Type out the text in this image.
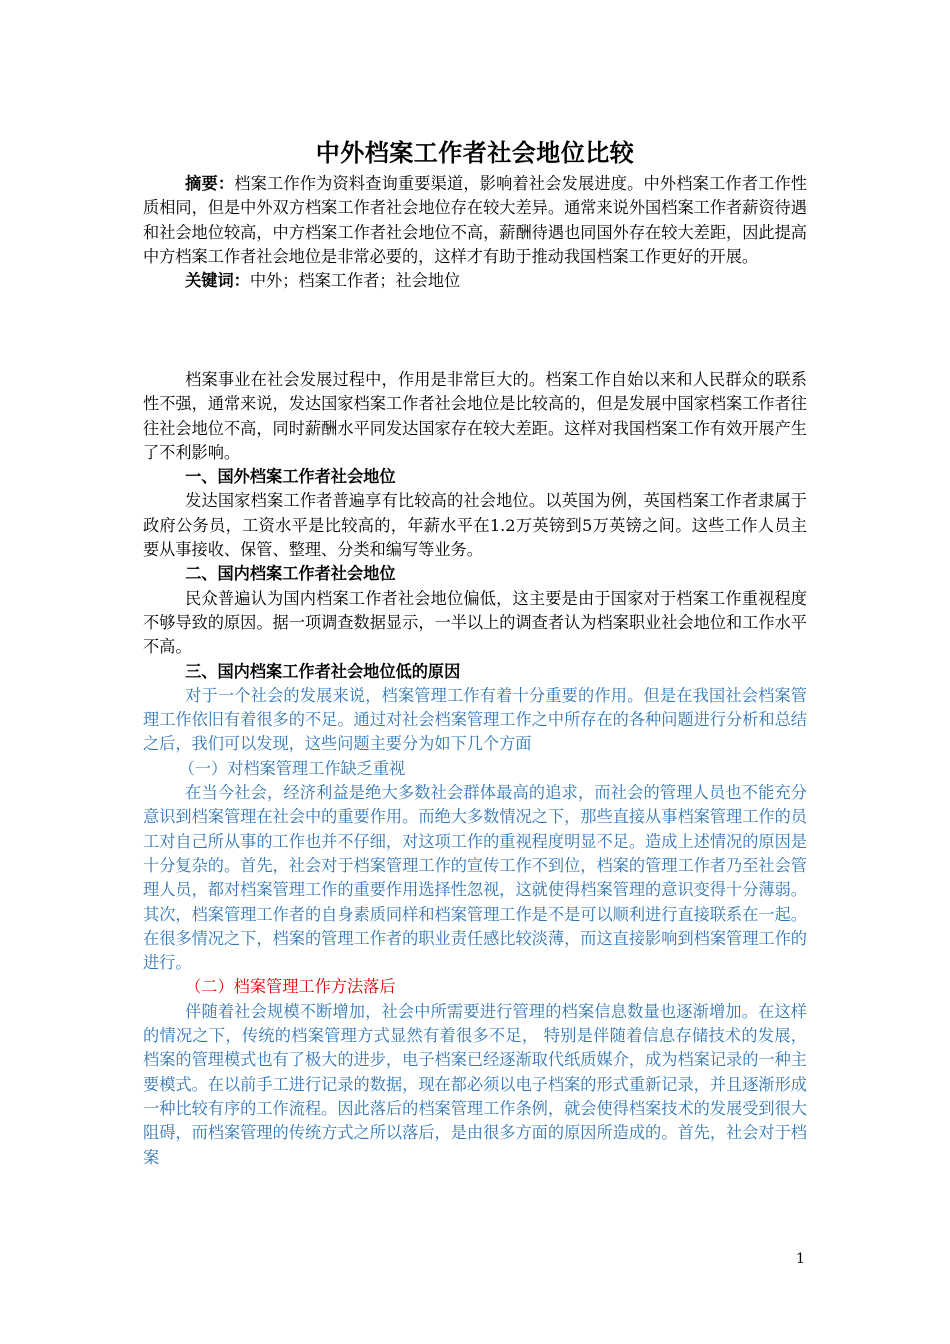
中外档案工作者社会地位比较

摘要：档案工作作为资料查询重要渠道，影响着社会发展进度。中外档案工作者工作性质相同，但是中外双方档案工作者社会地位存在较大差异。通常来说外国档案工作者薪资待遇和社会地位较高，中方档案工作者社会地位不高，薪酬待遇也同国外存在较大差距，因此提高中方档案工作者社会地位是非常必要的，这样才有助于推动我国档案工作更好的开展。

关键词：中外；档案工作者；社会地位

档案事业在社会发展过程中，作用是非常巨大的。档案工作自始以来和人民群众的联系性不强，通常来说，发达国家档案工作者社会地位是比较高的，但是发展中国家档案工作者往往社会地位不高，同时薪酬水平同发达国家存在较大差距。这样对我国档案工作有效开展产生了不利影响。

一、国外档案工作者社会地位

发达国家档案工作者普遍享有比较高的社会地位。以英国为例，英国档案工作者隶属于政府公务员，工资水平是比较高的，年薪水平在1.2万英镑到5万英镑之间。这些工作人员主要从事接收、保管、整理、分类和编写等业务。

二、国内档案工作者社会地位

民众普遍认为国内档案工作者社会地位偏低，这主要是由于国家对于档案工作重视程度不够导致的原因。据一项调查数据显示，一半以上的调查者认为档案职业社会地位和工作水平不高。

三、国内档案工作者社会地位低的原因

对于一个社会的发展来说，档案管理工作有着十分重要的作用。但是在我国社会档案管理工作依旧有着很多的不足。通过对社会档案管理工作之中所存在的各种问题进行分析和总结之后，我们可以发现，这些问题主要分为如下几个方面

（一）对档案管理工作缺乏重视

在当今社会，经济利益是绝大多数社会群体最高的追求，而社会的管理人员也不能充分意识到档案管理在社会中的重要作用。而绝大多数情况之下，那些直接从事档案管理工作的员工对自己所从事的工作也并不仔细，对这项工作的重视程度明显不足。造成上述情况的原因是十分复杂的。首先，社会对于档案管理工作的宣传工作不到位，档案的管理工作者乃至社会管理人员，都对档案管理工作的重要作用选择性忽视，这就使得档案管理的意识变得十分薄弱。其次，档案管理工作者的自身素质同样和档案管理工作是不是可以顺利进行直接联系在一起。在很多情况之下，档案的管理工作者的职业责任感比较淡薄，而这直接影响到档案管理工作的进行。

（二）档案管理工作方法落后

伴随着社会规模不断增加，社会中所需要进行管理的档案信息数量也逐渐增加。在这样的情况之下，传统的档案管理方式显然有着很多不足， 特别是伴随着信息存储技术的发展，档案的管理模式也有了极大的进步，电子档案已经逐渐取代纸质媒介，成为档案记录的一种主要模式。在以前手工进行记录的数据，现在都必须以电子档案的形式重新记录，并且逐渐形成一种比较有序的工作流程。因此落后的档案管理工作条例，就会使得档案技术的发展受到很大阻碍，而档案管理的传统方式之所以落后，是由很多方面的原因所造成的。首先，社会对于档案

1
